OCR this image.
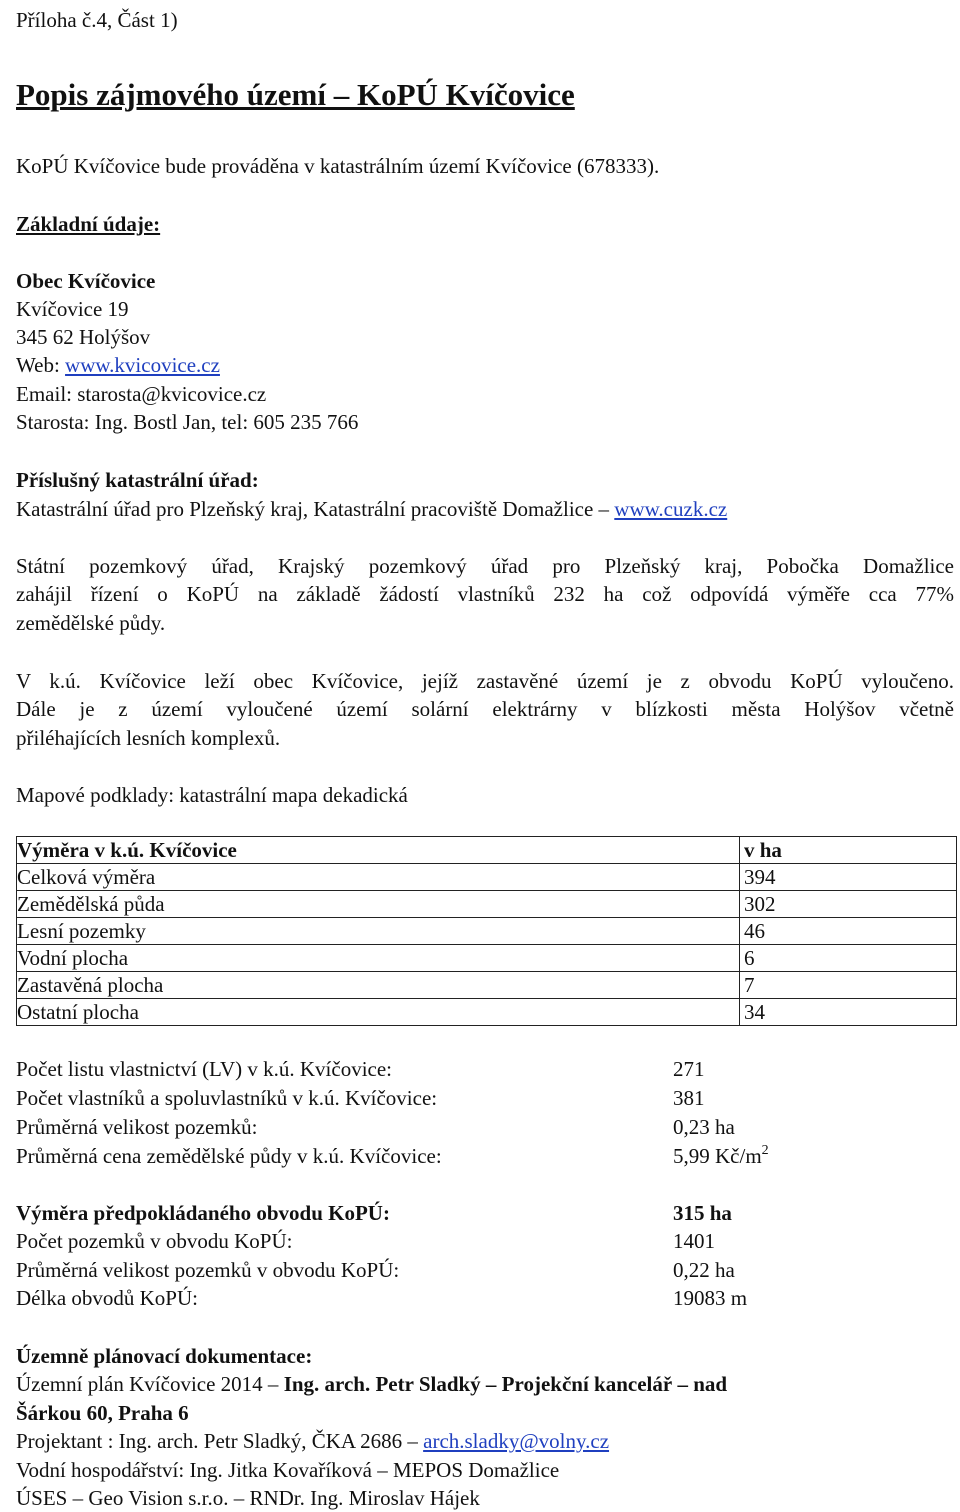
Příloha č.4, Část 1)
Popis zájmového území – KoPÚ Kvíčovice
KoPÚ Kvíčovice bude prováděna v katastrálním území Kvíčovice (678333).
Základní údaje:
Obec Kvíčovice
Kvíčovice 19
345 62 Holýšov
Web: www.kvicovice.cz
Email: starosta@kvicovice.cz
Starosta: Ing. Bostl Jan, tel: 605 235 766
Příslušný katastrální úřad:
Katastrální úřad pro Plzeňský kraj, Katastrální pracoviště Domažlice – www.cuzk.cz
Státní pozemkový úřad, Krajský pozemkový úřad pro Plzeňský kraj, Pobočka Domažlice
zahájil řízení o KoPÚ na základě žádostí vlastníků 232 ha což odpovídá výměře cca 77%
zemědělské půdy.
V k.ú. Kvíčovice leží obec Kvíčovice, jejíž zastavěné území je z obvodu KoPÚ vyloučeno.
Dále je z území vyloučené území solární elektrárny v blízkosti města Holýšov včetně
přiléhajících lesních komplexů.
Mapové podklady: katastrální mapa dekadická
Výměra v k.ú. Kvíčovice	v ha
Celková výměra	394
Zemědělská půda	302
Lesní pozemky	46
Vodní plocha	6
Zastavěná plocha	7
Ostatní plocha	34
Počet listu vlastnictví (LV) v k.ú. Kvíčovice:	271
Počet vlastníků a spoluvlastníků v k.ú. Kvíčovice:	381
Průměrná velikost pozemků:	0,23 ha
Průměrná cena zemědělské půdy v k.ú. Kvíčovice:	5,99 $Kč/m^2$
Výměra předpokládaného obvodu KoPÚ:	315 ha
Počet pozemků v obvodu KoPÚ:	1401
Průměrná velikost pozemků v obvodu KoPÚ:	0,22 ha
Délka obvodů KoPÚ:	19083 m
Územně plánovací dokumentace:
Územní plán Kvíčovice 2014 – Ing. arch. Petr Sladký – Projekční kancelář – nad
Šárkou 60, Praha 6
Projektant : Ing. arch. Petr Sladký, ČKA 2686 – arch.sladky@volny.cz
Vodní hospodářství: Ing. Jitka Kovaříková – MEPOS Domažlice
ÚSES – Geo Vision s.r.o. – RNDr. Ing. Miroslav Hájek
